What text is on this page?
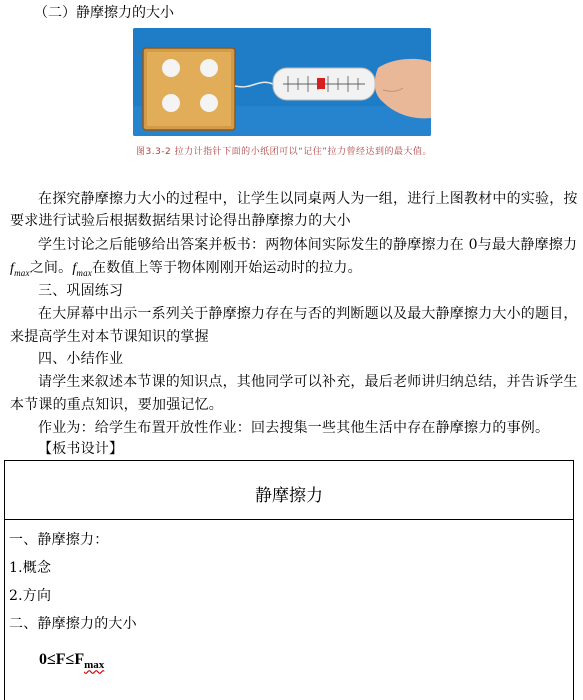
（二）静摩擦力的大小
图3.3-2 拉力计指针下面的小纸团可以“记住”拉力曾经达到的最大值。
在探究静摩擦力大小的过程中，让学生以同桌两人为一组，进行上图教材中的实验，按
要求进行试验后根据数据结果讨论得出静摩擦力的大小
学生讨论之后能够给出答案并板书：两物体间实际发生的静摩擦力在 0与最大静摩擦力
$f_{max}$之间。$f_{max}$在数值上等于物体刚刚开始运动时的拉力。
三、巩固练习
在大屏幕中出示一系列关于静摩擦力存在与否的判断题以及最大静摩擦力大小的题目，
来提高学生对本节课知识的掌握
四、小结作业
请学生来叙述本节课的知识点，其他同学可以补充，最后老师讲归纳总结，并告诉学生
本节课的重点知识，要加强记忆。
作业为：给学生布置开放性作业：回去搜集一些其他生活中存在静摩擦力的事例。
【板书设计】
静摩擦力
一、静摩擦力：
1.概念
2.方向
二、静摩擦力的大小
$0\le F\le F_{max}$
